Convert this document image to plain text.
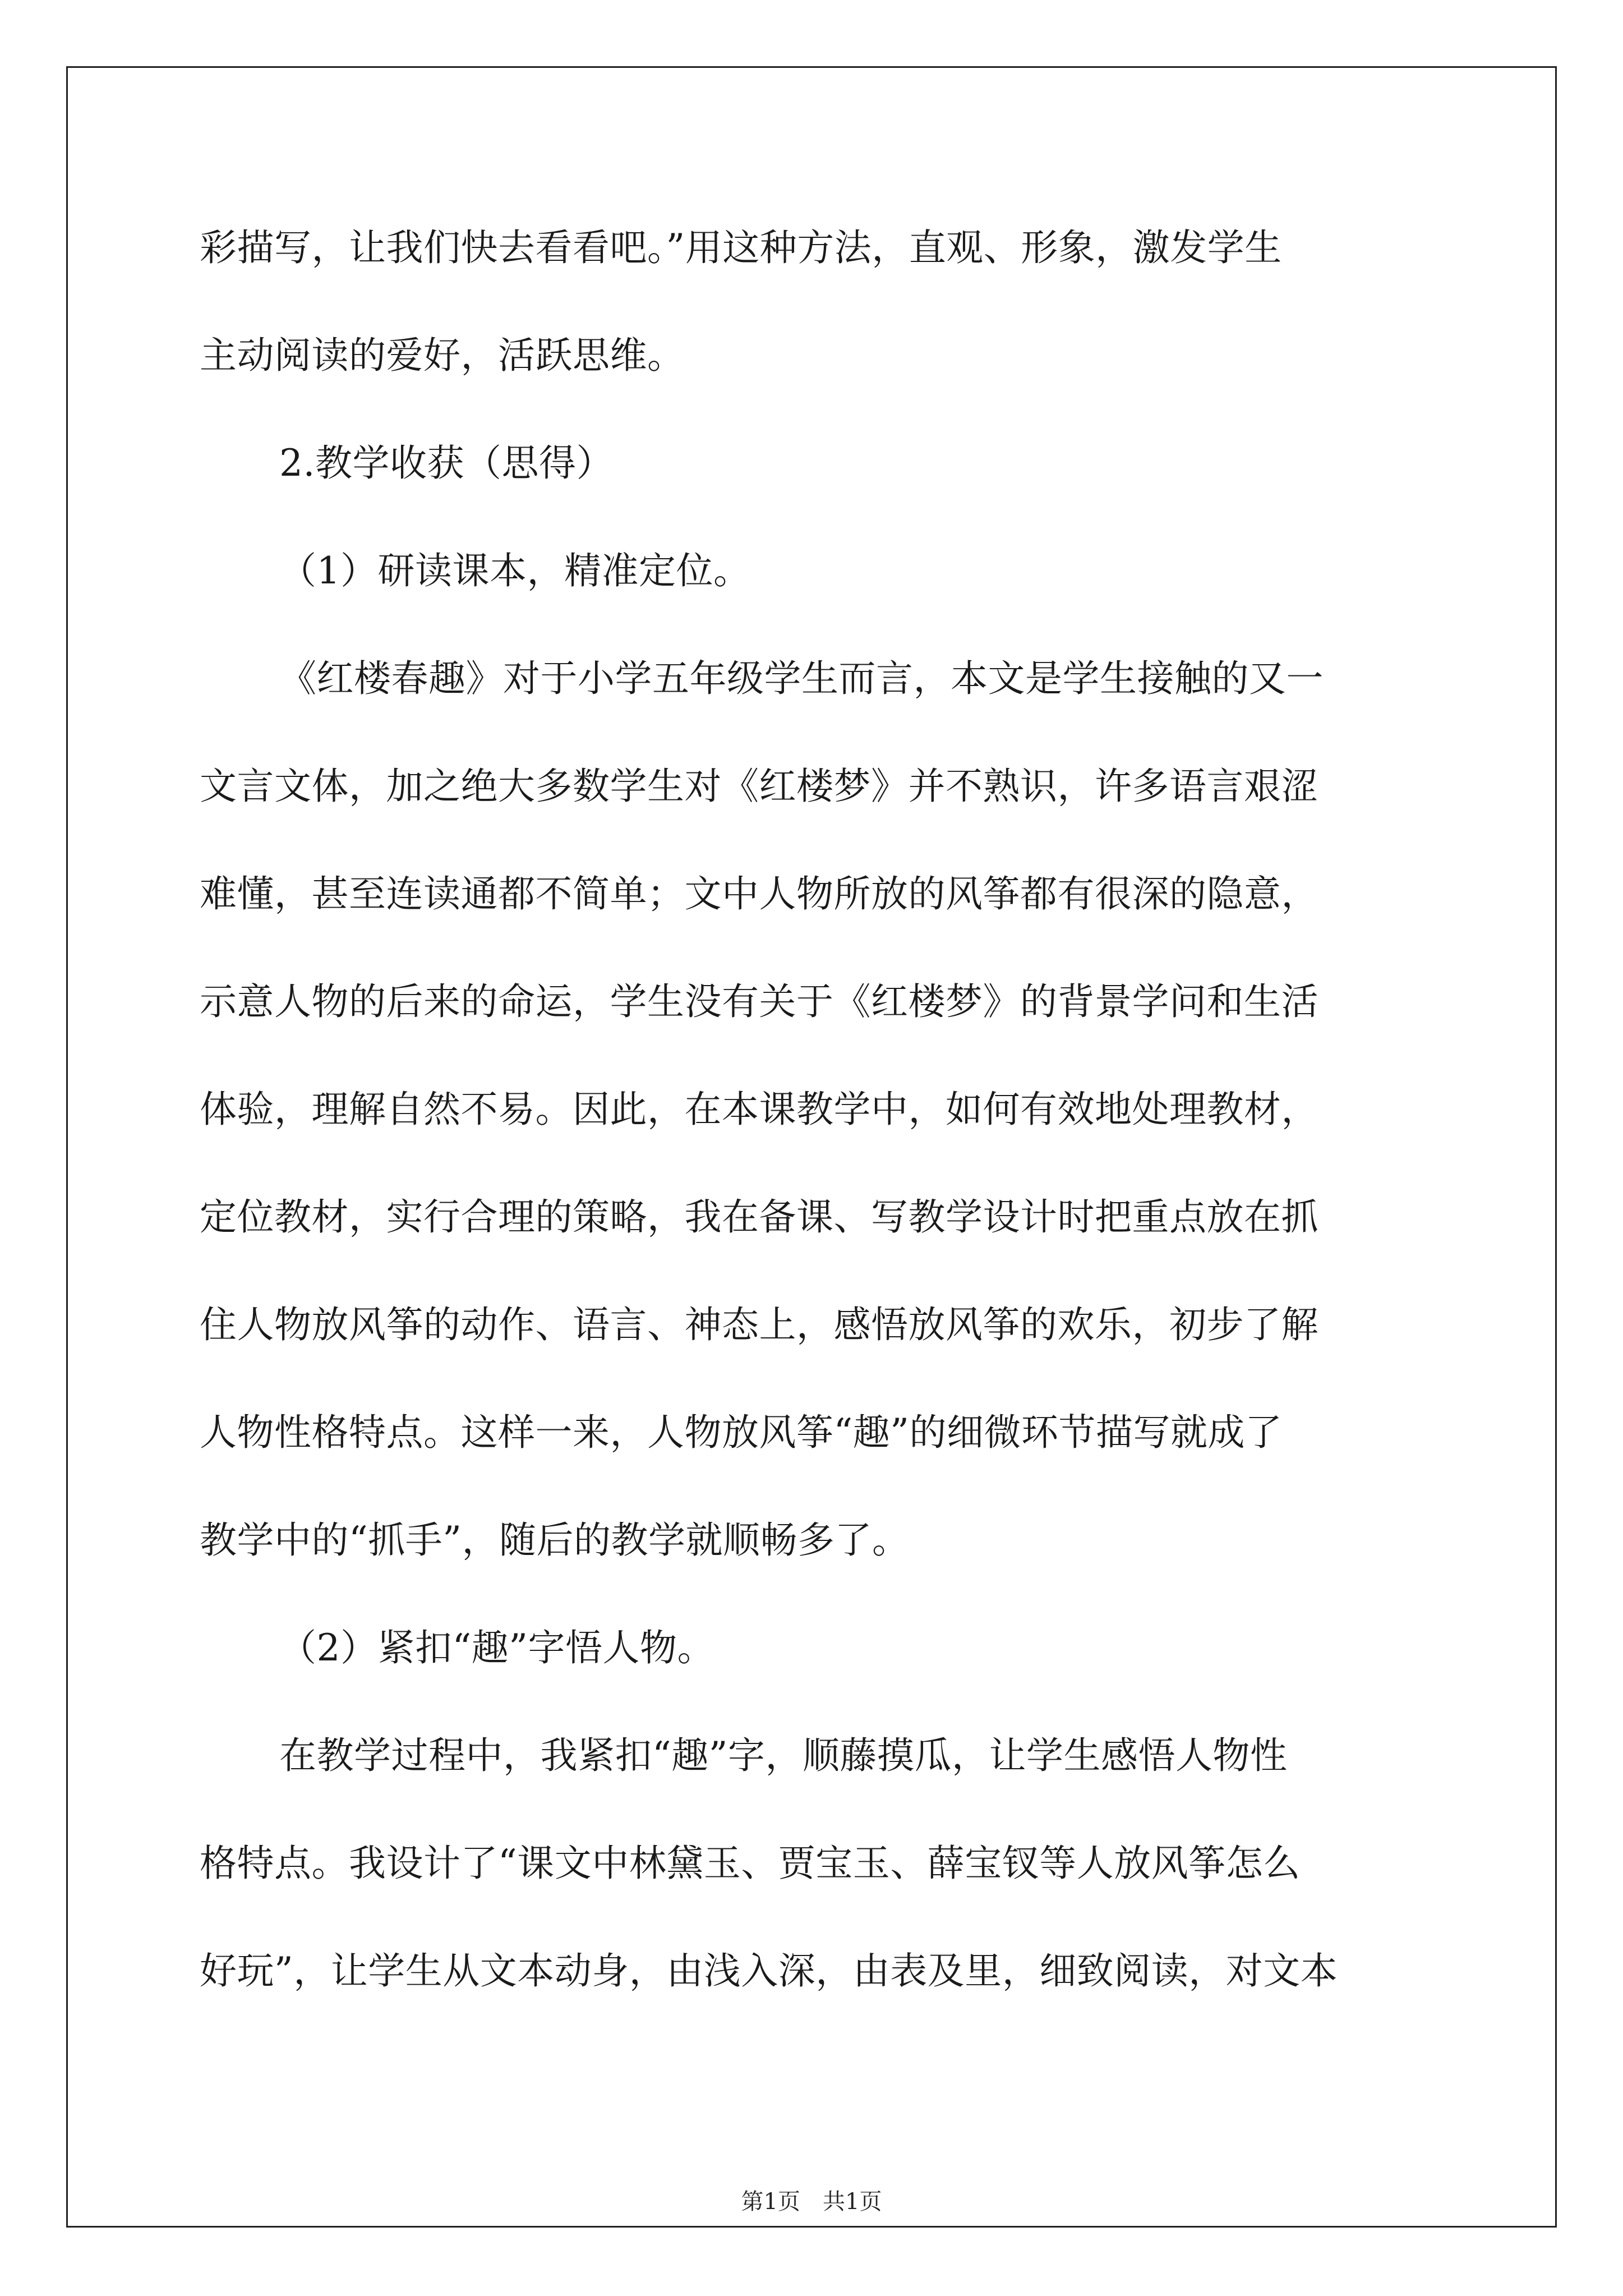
彩描写，让我们快去看看吧。”用这种方法，直观、形象，激发学生
主动阅读的爱好，活跃思维。
2.教学收获（思得）
（1）研读课本，精准定位。
《红楼春趣》对于小学五年级学生而言，本文是学生接触的又一
文言文体，加之绝大多数学生对《红楼梦》并不熟识，许多语言艰涩
难懂，甚至连读通都不简单；文中人物所放的风筝都有很深的隐意，
示意人物的后来的命运，学生没有关于《红楼梦》的背景学问和生活
体验，理解自然不易。因此，在本课教学中，如何有效地处理教材，
定位教材，实行合理的策略，我在备课、写教学设计时把重点放在抓
住人物放风筝的动作、语言、神态上，感悟放风筝的欢乐，初步了解
人物性格特点。这样一来，人物放风筝“趣”的细微环节描写就成了
教学中的“抓手”，随后的教学就顺畅多了。
（2）紧扣“趣”字悟人物。
在教学过程中，我紧扣“趣”字，顺藤摸瓜，让学生感悟人物性
格特点。我设计了“课文中林黛玉、贾宝玉、薛宝钗等人放风筝怎么
好玩”，让学生从文本动身，由浅入深，由表及里，细致阅读，对文本
第1页　共1页
